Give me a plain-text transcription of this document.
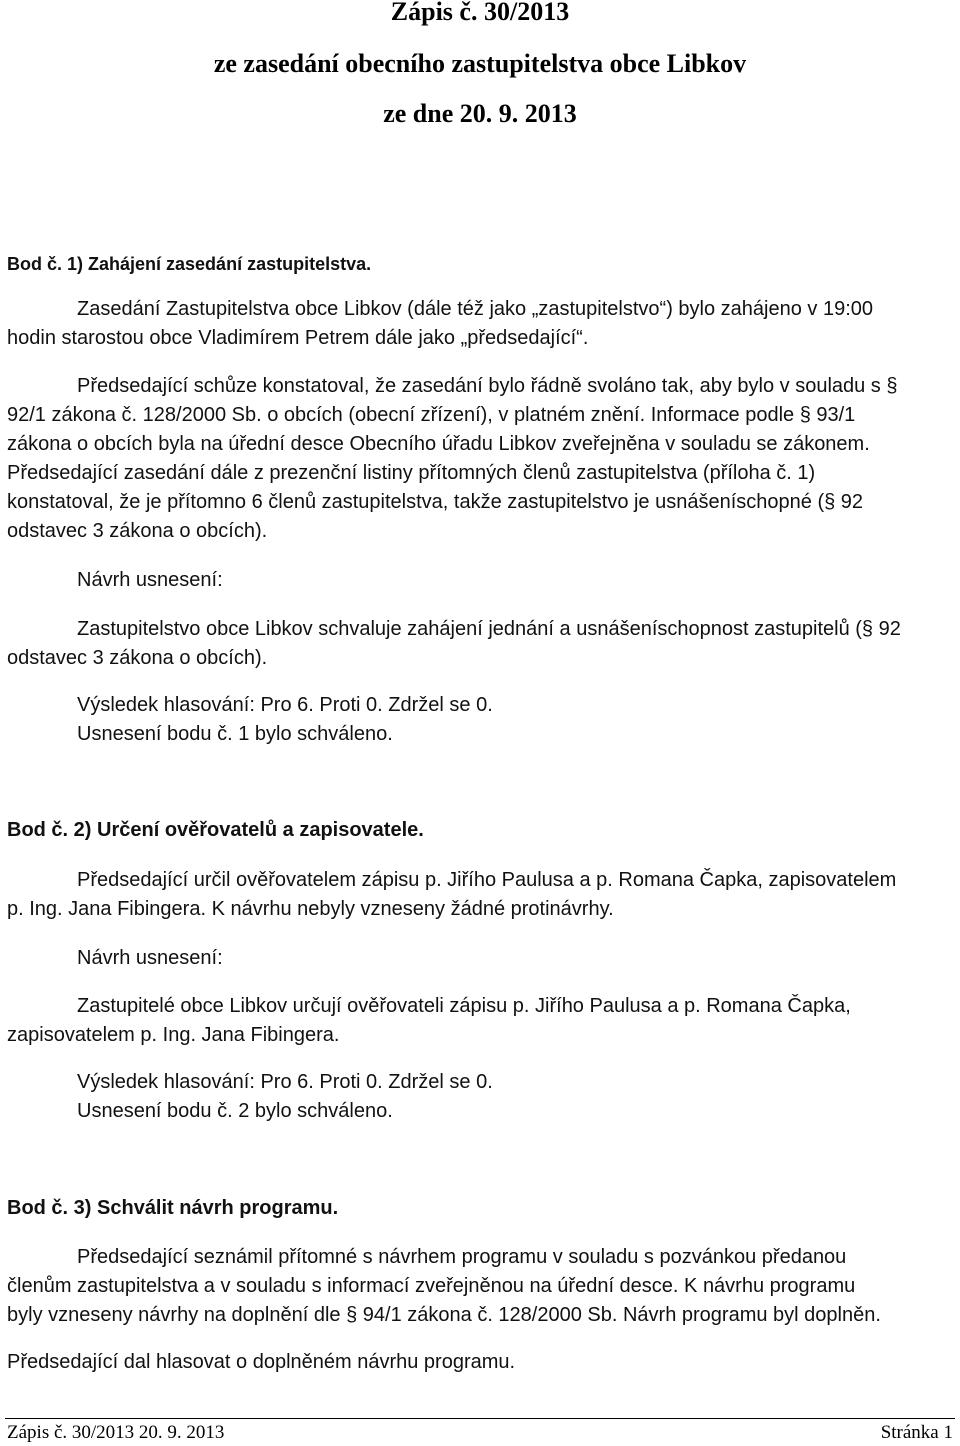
Zápis č. 30/2013
ze zasedání obecního zastupitelstva obce Libkov
ze dne 20. 9. 2013
Bod č. 1) Zahájení zasedání zastupitelstva.
Zasedání Zastupitelstva obce Libkov (dále též jako „zastupitelstvo“) bylo zahájeno v 19:00
hodin starostou obce Vladimírem Petrem dále jako „předsedající“.
Předsedající schůze konstatoval, že zasedání bylo řádně svoláno tak, aby bylo v souladu s §
92/1 zákona č. 128/2000 Sb. o obcích (obecní zřízení), v platném znění. Informace podle § 93/1
zákona o obcích byla na úřední desce Obecního úřadu Libkov zveřejněna v souladu se zákonem.
Předsedající zasedání dále z prezenční listiny přítomných členů zastupitelstva (příloha č. 1)
konstatoval, že je přítomno 6 členů zastupitelstva, takže zastupitelstvo je usnášeníschopné (§ 92
odstavec 3 zákona o obcích).
Návrh usnesení:
Zastupitelstvo obce Libkov schvaluje zahájení jednání a usnášeníschopnost zastupitelů (§ 92
odstavec 3 zákona o obcích).
Výsledek hlasování: Pro 6. Proti 0. Zdržel se 0.
Usnesení bodu č. 1 bylo schváleno.
Bod č. 2) Určení ověřovatelů a zapisovatele.
Předsedající určil ověřovatelem zápisu p. Jiřího Paulusa a p. Romana Čapka, zapisovatelem
p. Ing. Jana Fibingera. K návrhu nebyly vzneseny žádné protinávrhy.
Návrh usnesení:
Zastupitelé obce Libkov určují ověřovateli zápisu p. Jiřího Paulusa a p. Romana Čapka,
zapisovatelem p. Ing. Jana Fibingera.
Výsledek hlasování: Pro 6. Proti 0. Zdržel se 0.
Usnesení bodu č. 2 bylo schváleno.
Bod č. 3) Schválit návrh programu.
Předsedající seznámil přítomné s návrhem programu v souladu s pozvánkou předanou
členům zastupitelstva a v souladu s informací zveřejněnou na úřední desce. K návrhu programu
byly vzneseny návrhy na doplnění dle § 94/1 zákona č. 128/2000 Sb. Návrh programu byl doplněn.
Předsedající dal hlasovat o doplněném návrhu programu.
Zápis č. 30/2013 20. 9. 2013	Stránka 1
